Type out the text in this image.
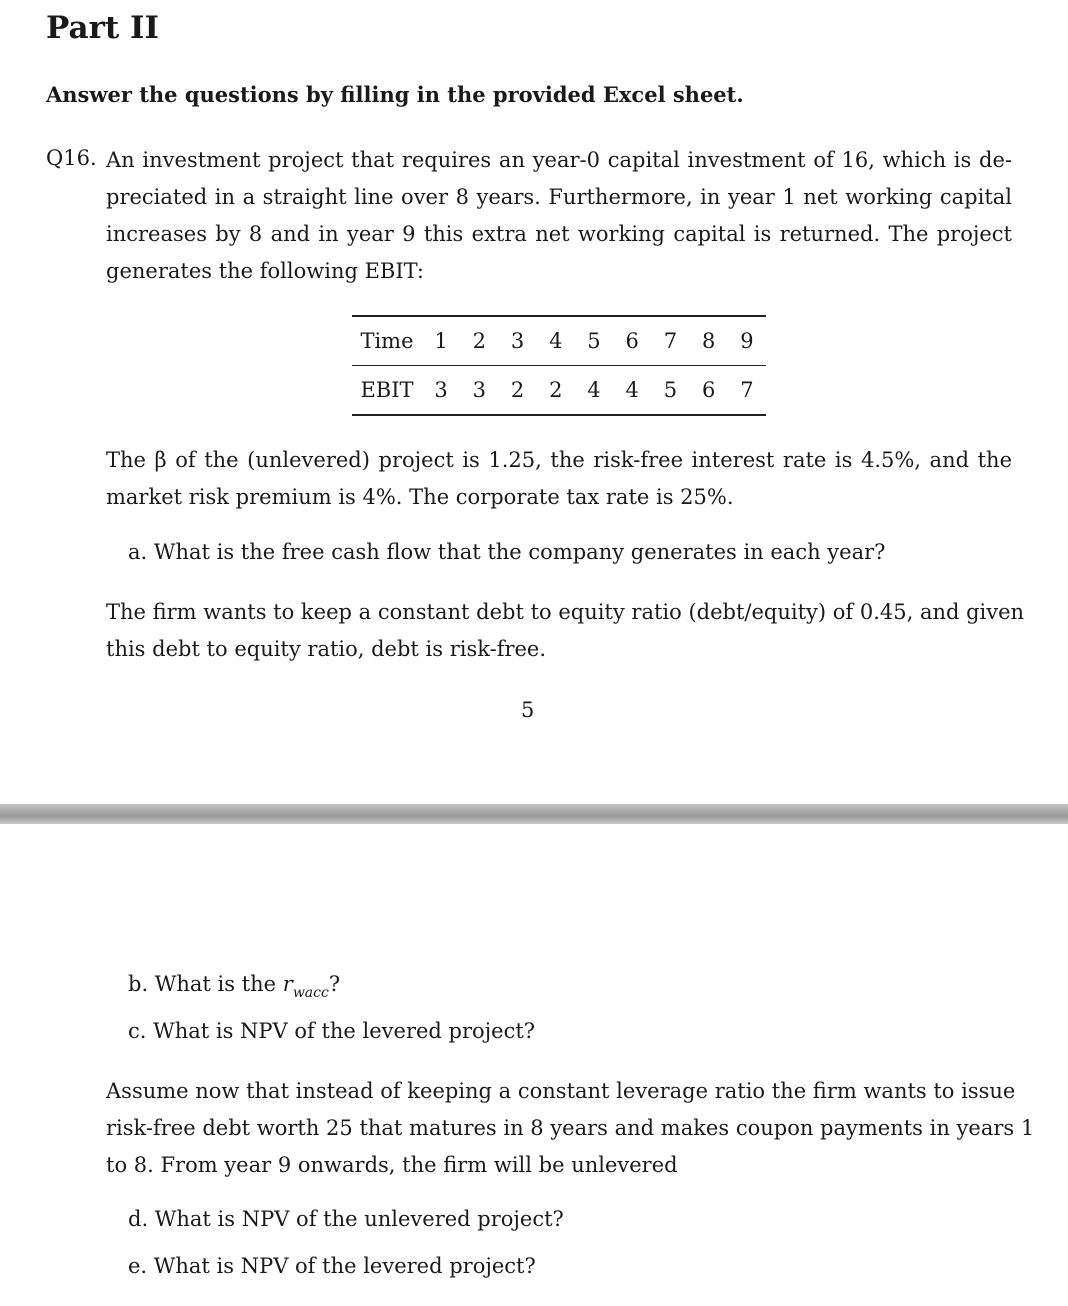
Part II
Answer the questions by filling in the provided Excel sheet.
Q16. An investment project that requires an year-0 capital investment of 16, which is de-
preciated in a straight line over 8 years. Furthermore, in year 1 net working capital
increases by 8 and in year 9 this extra net working capital is returned. The project
generates the following EBIT:
Time	1	2	3	4	5	6	7	8	9
EBIT	3	3	2	2	4	4	5	6	7
The β of the (unlevered) project is 1.25, the risk-free interest rate is 4.5%, and the
market risk premium is 4%. The corporate tax rate is 25%.
a. What is the free cash flow that the company generates in each year?
The firm wants to keep a constant debt to equity ratio (debt/equity) of 0.45, and given
this debt to equity ratio, debt is risk-free.
5
b. What is the $r_{wacc}$?
c. What is NPV of the levered project?
Assume now that instead of keeping a constant leverage ratio the firm wants to issue
risk-free debt worth 25 that matures in 8 years and makes coupon payments in years 1
to 8. From year 9 onwards, the firm will be unlevered
d. What is NPV of the unlevered project?
e. What is NPV of the levered project?
